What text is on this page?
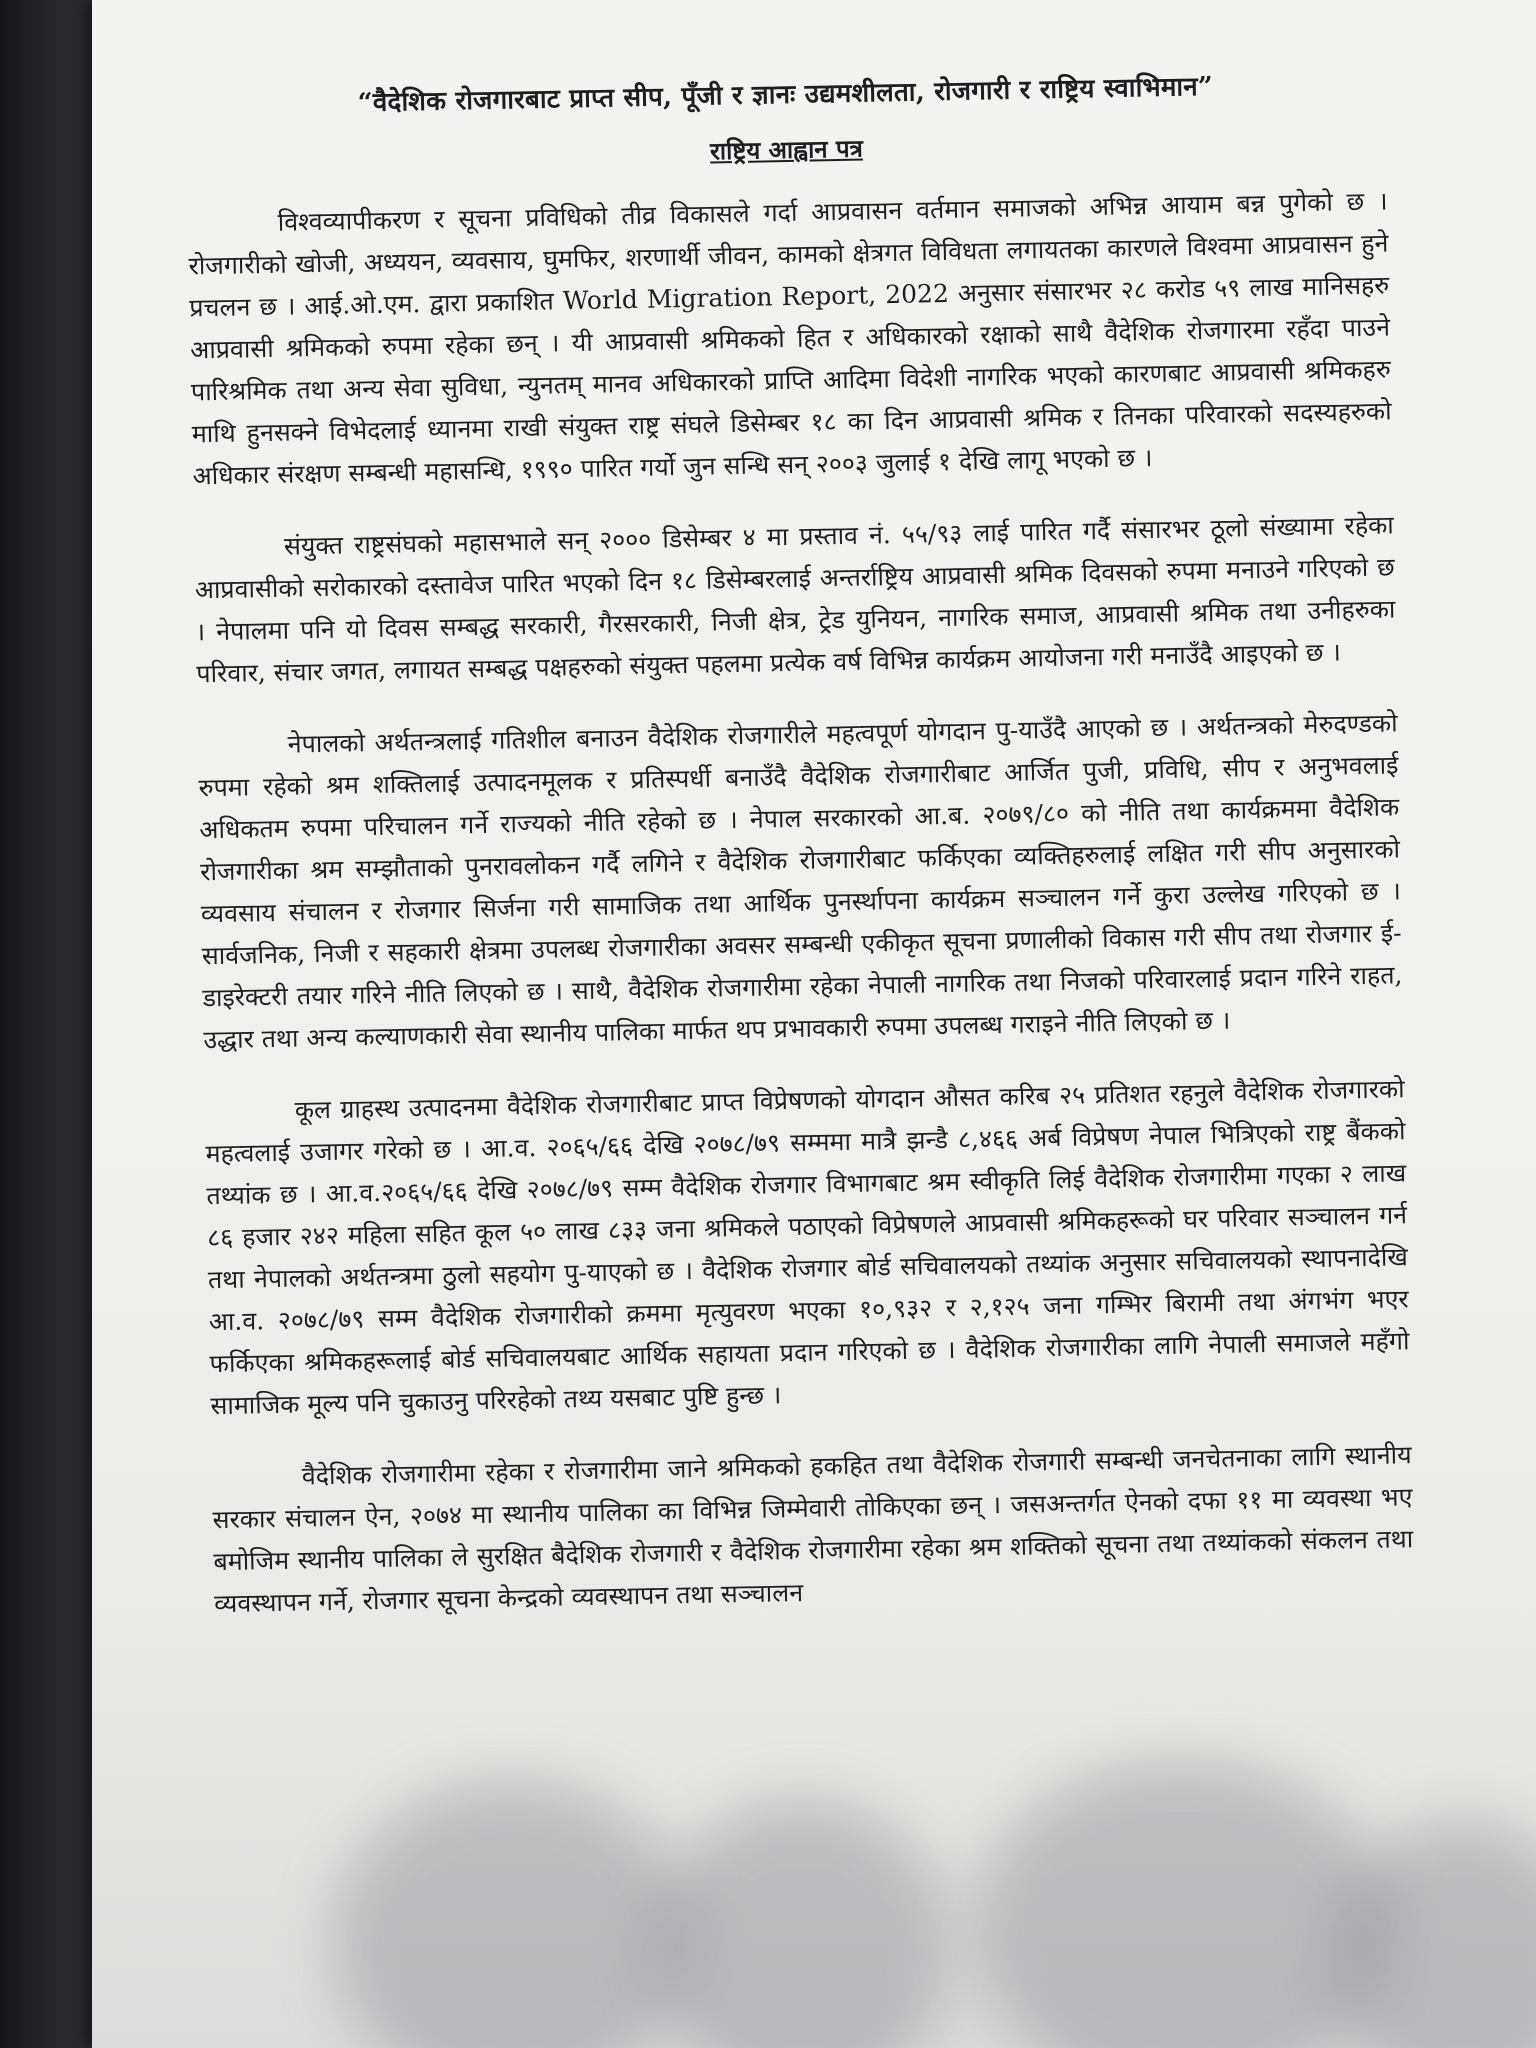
“वैदेशिक रोजगारबाट प्राप्त सीप, पूँजी र ज्ञानः उद्यमशीलता, रोजगारी र राष्ट्रिय स्वाभिमान”
राष्ट्रिय आह्वान पत्र

विश्वव्यापीकरण र सूचना प्रविधिको तीव्र विकासले गर्दा आप्रवासन वर्तमान समाजको अभिन्न आयाम बन्न पुगेको छ । रोजगारीको खोजी, अध्ययन, व्यवसाय, घुमफिर, शरणार्थी जीवन, कामको क्षेत्रगत विविधता लगायतका कारणले विश्वमा आप्रवासन हुने प्रचलन छ । आई.ओ.एम. द्वारा प्रकाशित World Migration Report, 2022 अनुसार संसारभर २८ करोड ५९ लाख मानिसहरु आप्रवासी श्रमिकको रुपमा रहेका छन् । यी आप्रवासी श्रमिकको हित र अधिकारको रक्षाको साथै वैदेशिक रोजगारमा रहँदा पाउने पारिश्रमिक तथा अन्य सेवा सुविधा, न्युनतम् मानव अधिकारको प्राप्ति आदिमा विदेशी नागरिक भएको कारणबाट आप्रवासी श्रमिकहरु माथि हुनसक्ने विभेदलाई ध्यानमा राखी संयुक्त राष्ट्र संघले डिसेम्बर १८ का दिन आप्रवासी श्रमिक र तिनका परिवारको सदस्यहरुको अधिकार संरक्षण सम्बन्धी महासन्धि, १९९० पारित गर्यो जुन सन्धि सन् २००३ जुलाई १ देखि लागू भएको छ ।

संयुक्त राष्ट्रसंघको महासभाले सन् २००० डिसेम्बर ४ मा प्रस्ताव नं. ५५/९३ लाई पारित गर्दै संसारभर ठूलो संख्यामा रहेका आप्रवासीको सरोकारको दस्तावेज पारित भएको दिन १८ डिसेम्बरलाई अन्तर्राष्ट्रिय आप्रवासी श्रमिक दिवसको रुपमा मनाउने गरिएको छ । नेपालमा पनि यो दिवस सम्बद्ध सरकारी, गैरसरकारी, निजी क्षेत्र, ट्रेड युनियन, नागरिक समाज, आप्रवासी श्रमिक तथा उनीहरुका परिवार, संचार जगत, लगायत सम्बद्ध पक्षहरुको संयुक्त पहलमा प्रत्येक वर्ष विभिन्न कार्यक्रम आयोजना गरी मनाउँदै आइएको छ ।

नेपालको अर्थतन्त्रलाई गतिशील बनाउन वैदेशिक रोजगारीले महत्वपूर्ण योगदान पु-याउँदै आएको छ । अर्थतन्त्रको मेरुदण्डको रुपमा रहेको श्रम शक्तिलाई उत्पादनमूलक र प्रतिस्पर्धी बनाउँदै वैदेशिक रोजगारीबाट आर्जित पुजी, प्रविधि, सीप र अनुभवलाई अधिकतम रुपमा परिचालन गर्ने राज्यको नीति रहेको छ । नेपाल सरकारको आ.ब. २०७९/८० को नीति तथा कार्यक्रममा वैदेशिक रोजगारीका श्रम सम्झौताको पुनरावलोकन गर्दै लगिने र वैदेशिक रोजगारीबाट फर्किएका व्यक्तिहरुलाई लक्षित गरी सीप अनुसारको व्यवसाय संचालन र रोजगार सिर्जना गरी सामाजिक तथा आर्थिक पुनर्स्थापना कार्यक्रम सञ्चालन गर्ने कुरा उल्लेख गरिएको छ । सार्वजनिक, निजी र सहकारी क्षेत्रमा उपलब्ध रोजगारीका अवसर सम्बन्धी एकीकृत सूचना प्रणालीको विकास गरी सीप तथा रोजगार ई-डाइरेक्टरी तयार गरिने नीति लिएको छ । साथै, वैदेशिक रोजगारीमा रहेका नेपाली नागरिक तथा निजको परिवारलाई प्रदान गरिने राहत, उद्धार तथा अन्य कल्याणकारी सेवा स्थानीय पालिका मार्फत थप प्रभावकारी रुपमा उपलब्ध गराइने नीति लिएको छ ।

कूल ग्राहस्थ उत्पादनमा वैदेशिक रोजगारीबाट प्राप्त विप्रेषणको योगदान औसत करिब २५ प्रतिशत रहनुले वैदेशिक रोजगारको महत्वलाई उजागर गरेको छ । आ.व. २०६५/६६ देखि २०७८/७९ सम्ममा मात्रै झन्डै ८,४६६ अर्ब विप्रेषण नेपाल भित्रिएको राष्ट्र बैंकको तथ्यांक छ । आ.व.२०६५/६६ देखि २०७८/७९ सम्म वैदेशिक रोजगार विभागबाट श्रम स्वीकृति लिई वैदेशिक रोजगारीमा गएका २ लाख ८६ हजार २४२ महिला सहित कूल ५० लाख ८३३ जना श्रमिकले पठाएको विप्रेषणले आप्रवासी श्रमिकहरूको घर परिवार सञ्चालन गर्न तथा नेपालको अर्थतन्त्रमा ठुलो सहयोग पु-याएको छ । वैदेशिक रोजगार बोर्ड सचिवालयको तथ्यांक अनुसार सचिवालयको स्थापनादेखि आ.व. २०७८/७९ सम्म वैदेशिक रोजगारीको क्रममा मृत्युवरण भएका १०,९३२ र २,१२५ जना गम्भिर बिरामी तथा अंगभंग भएर फर्किएका श्रमिकहरूलाई बोर्ड सचिवालयबाट आर्थिक सहायता प्रदान गरिएको छ । वैदेशिक रोजगारीका लागि नेपाली समाजले महँगो सामाजिक मूल्य पनि चुकाउनु परिरहेको तथ्य यसबाट पुष्टि हुन्छ ।

वैदेशिक रोजगारीमा रहेका र रोजगारीमा जाने श्रमिकको हकहित तथा वैदेशिक रोजगारी सम्बन्धी जनचेतनाका लागि स्थानीय सरकार संचालन ऐन, २०७४ मा स्थानीय पालिका का विभिन्न जिम्मेवारी तोकिएका छन् । जसअन्तर्गत ऐनको दफा ११ मा व्यवस्था भए बमोजिम स्थानीय पालिका ले सुरक्षित बैदेशिक रोजगारी र वैदेशिक रोजगारीमा रहेका श्रम शक्तिको सूचना तथा तथ्यांकको संकलन तथा व्यवस्थापन गर्ने, रोजगार सूचना केन्द्रको व्यवस्थापन तथा सञ्चालन
